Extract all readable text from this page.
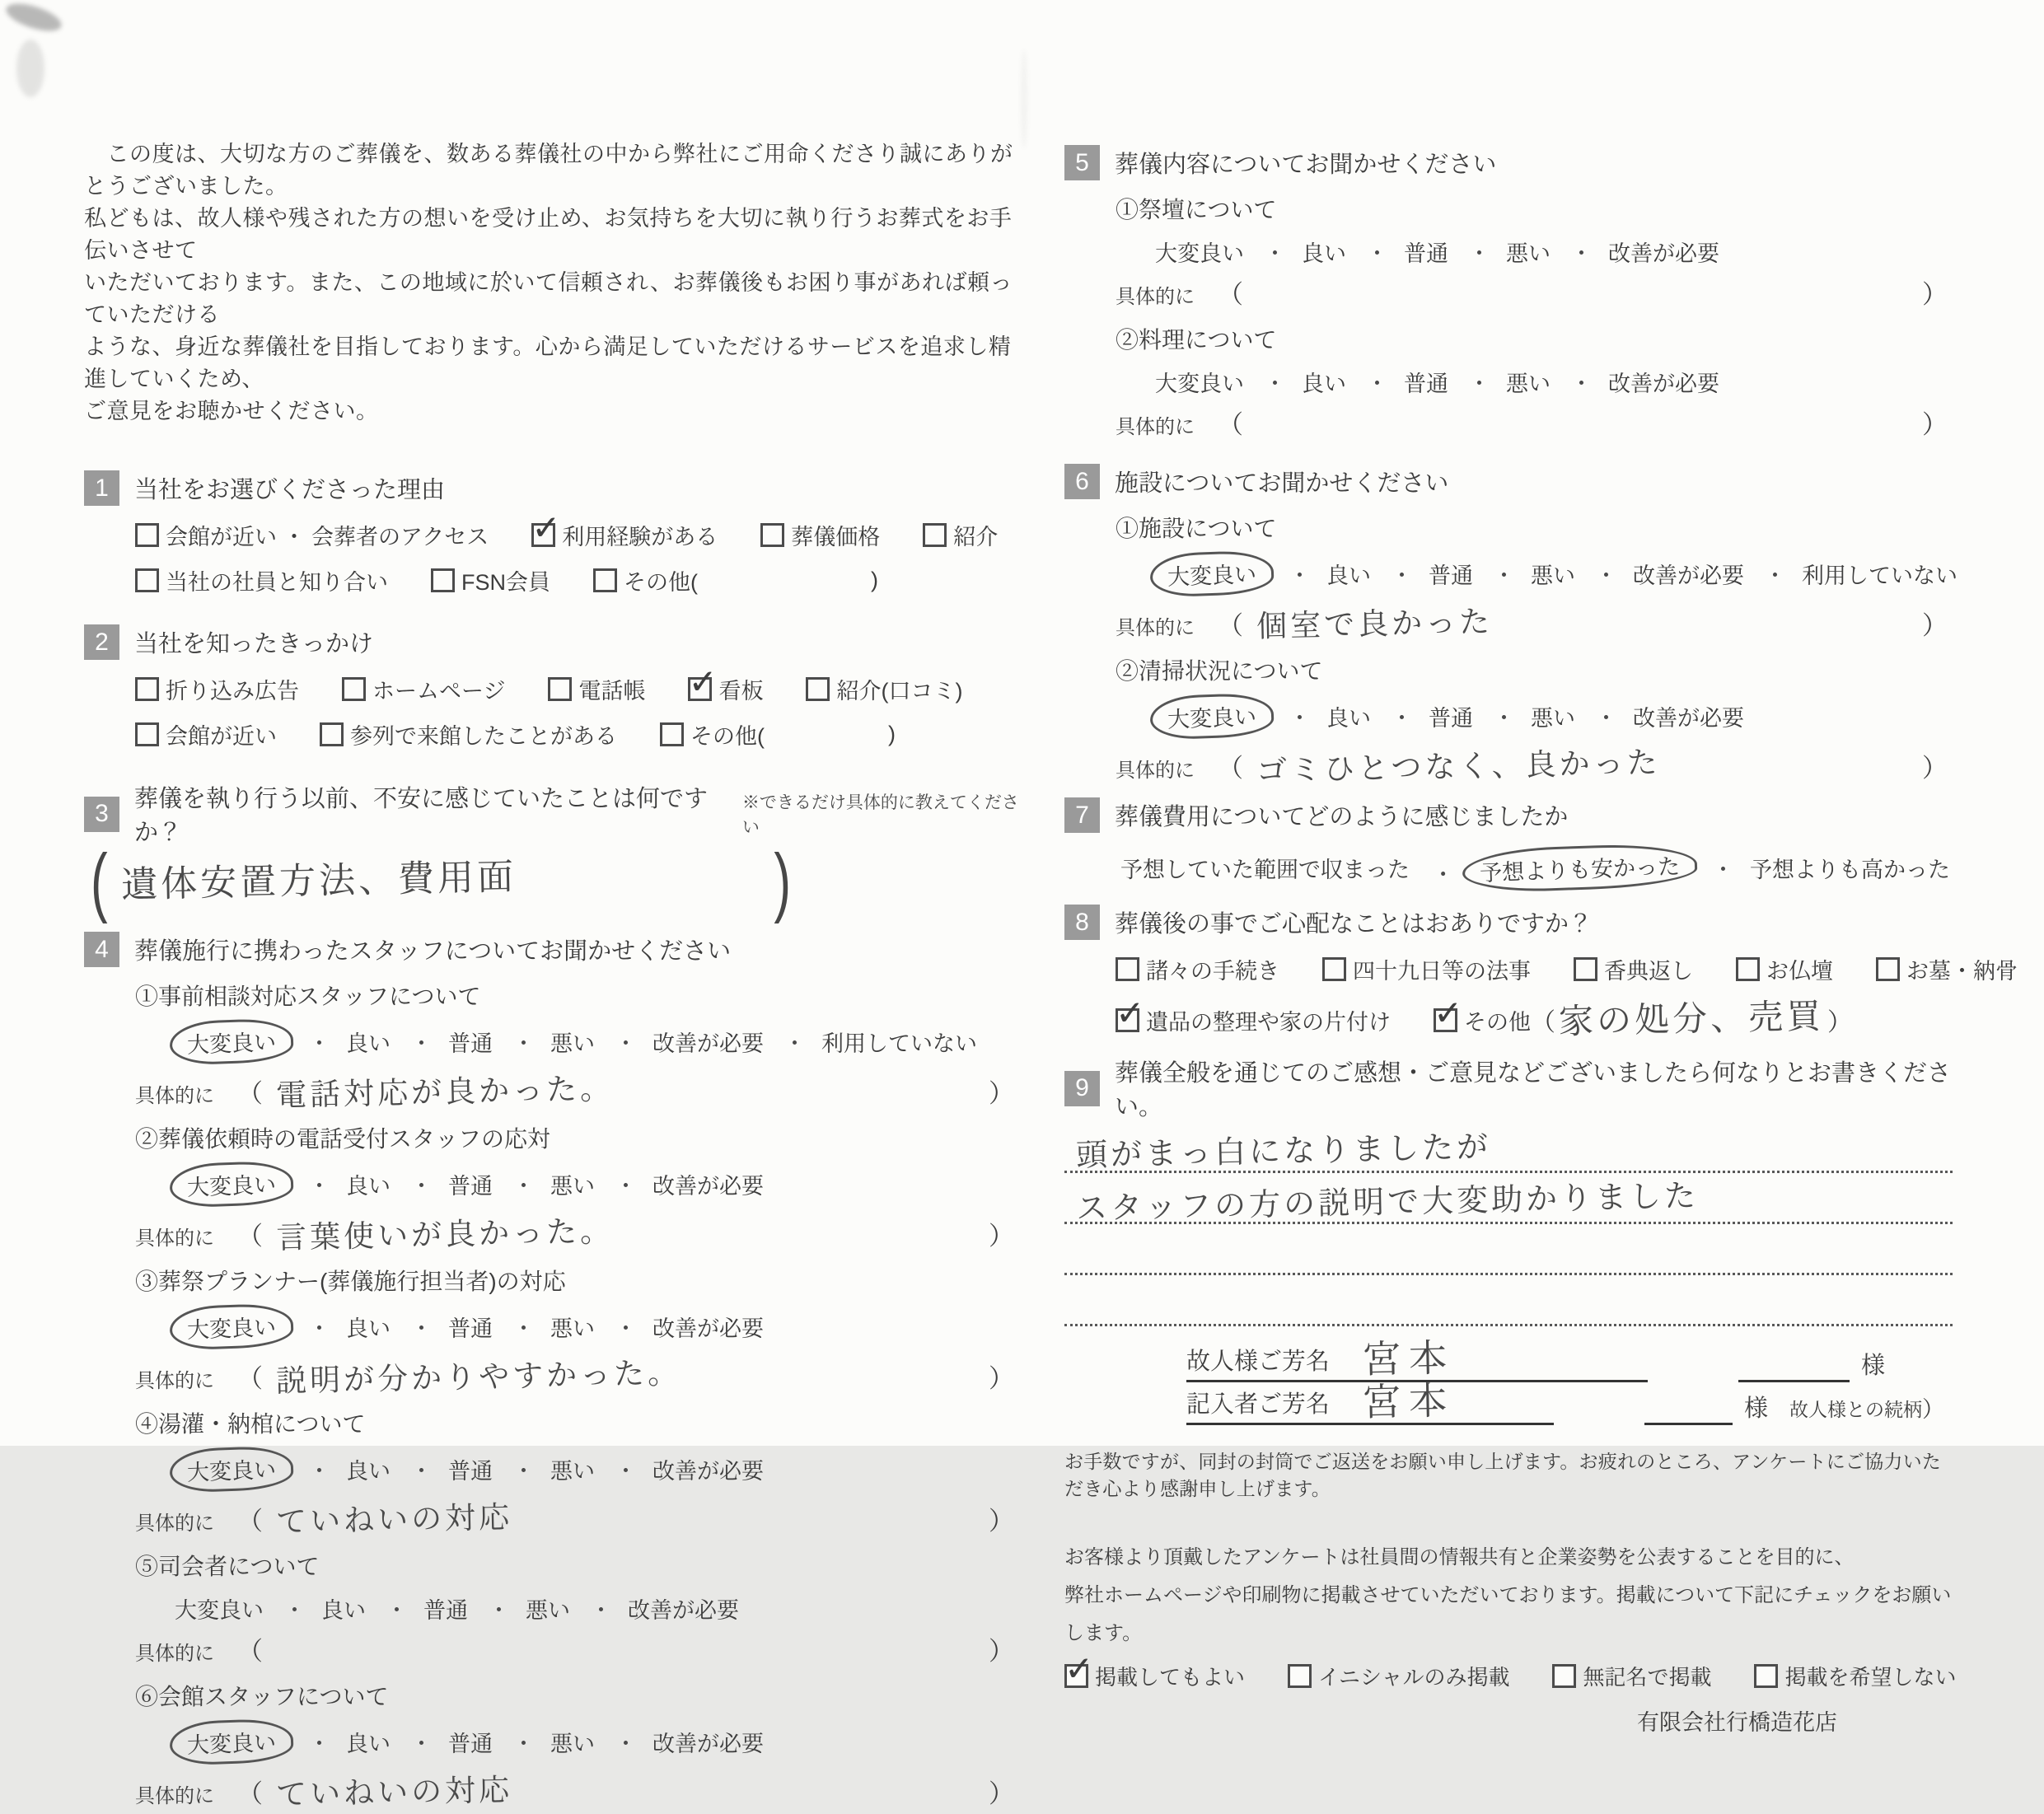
　この度は、大切な方のご葬儀を、数ある葬儀社の中から弊社にご用命くださり誠にありがとうございました。
私どもは、故人様や残された方の想いを受け止め、お気持ちを大切に執り行うお葬式をお手伝いさせて
いただいております。また、この地域に於いて信頼され、お葬儀後もお困り事があれば頼っていただける
ような、身近な葬儀社を目指しております。心から満足していただけるサービスを追求し精進していくため、
ご意見をお聴かせください。
1	当社をお選びくださった理由
会館が近い ・ 会葬者のアクセス ✓	利用経験がある	葬儀価格	紹介
当社の社員と知り合い	FSN会員	その他(	)
2	当社を知ったきっかけ
折り込み広告	ホームページ	電話帳 ✓	看板	紹介(口コミ)
会館が近い	参列で来館したことがある	その他(	)
3
葬儀を執り行う以前、不安に感じていたことは何ですか？
※できるだけ具体的に教えてください
( 遺体安置方法、費用面	)
4	葬儀施行に携わったスタッフについてお聞かせください
①事前相談対応スタッフについて
大変良い	・ 良い	・ 普通	・ 悪い	・ 改善が必要	・ 利用していない
具体的に （ 電話対応が良かった。	）
②葬儀依頼時の電話受付スタッフの応対
大変良い	・ 良い	・ 普通	・ 悪い	・ 改善が必要
具体的に （ 言葉使いが良かった。	）
③葬祭プランナー(葬儀施行担当者)の対応
大変良い	・ 良い	・ 普通	・ 悪い	・ 改善が必要
具体的に （ 説明が分かりやすかった。	）
④湯灌・納棺について
大変良い	・ 良い	・ 普通	・ 悪い	・ 改善が必要
具体的に （ ていねいの対応	）
⑤司会者について
大変良い	・ 良い	・ 普通	・ 悪い	・ 改善が必要
具体的に （	）
⑥会館スタッフについて
大変良い	・ 良い	・ 普通	・ 悪い	・ 改善が必要
具体的に （ ていねいの対応	）
5	葬儀内容についてお聞かせください
①祭壇について
大変良い	・ 良い	・ 普通	・ 悪い	・ 改善が必要
具体的に （	）
②料理について
大変良い	・ 良い	・ 普通	・ 悪い	・ 改善が必要
具体的に （	）
6	施設についてお聞かせください
①施設について
大変良い	・ 良い	・ 普通	・ 悪い	・ 改善が必要	・ 利用していない
具体的に （ 個室で良かった	）
②清掃状況について
大変良い	・ 良い	・ 普通	・ 悪い	・ 改善が必要
具体的に （ ゴミひとつなく、良かった	）
7	葬儀費用についてどのように感じましたか
予想していた範囲で収まった	・ 予想よりも安かった	・ 予想よりも高かった
8	葬儀後の事でご心配なことはおありですか？
諸々の手続き	四十九日等の法事	香典返し	お仏壇	お墓・納骨
✓
遺品の整理や家の片付け ✓	その他 （ 家の処分、売買 ）
9
葬儀全般を通じてのご感想・ご意見などございましたら何なりとお書きください。
頭がまっ白になりましたが
スタッフの方の説明で大変助かりました
故人様ご芳名 宮本	様
記入者ご芳名 宮本	様 故人様との続柄 ）
お手数ですが、同封の封筒でご返送をお願い申し上げます。お疲れのところ、アンケートにご協力いただき心より感謝申し上げます。
お客様より頂戴したアンケートは社員間の情報共有と企業姿勢を公表することを目的に、
弊社ホームページや印刷物に掲載させていただいております。掲載について下記にチェックをお願いします。
✓
掲載してもよい	イニシャルのみ掲載	無記名で掲載	掲載を希望しない
有限会社行橋造花店
